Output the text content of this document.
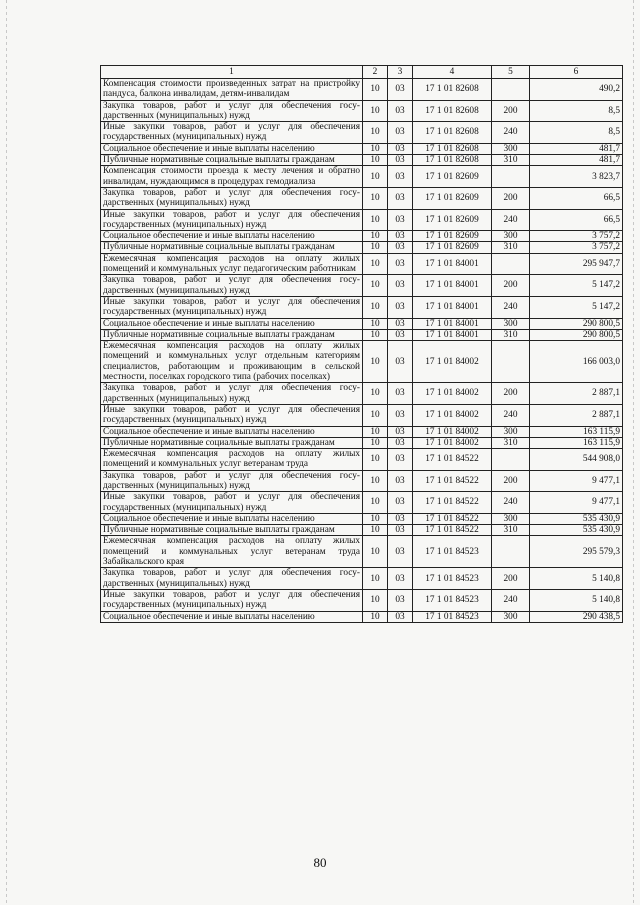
1	2	3	4	5	6
Компенсация стоимости произведенных затрат на пристройку пандуса, балкона инвалидам, детям-инвалидам	10	03	17 1 01 82608		490,2
Закупка товаров, работ и услуг для обеспечения государственных (муниципальных) нужд	10	03	17 1 01 82608	200	8,5
Иные закупки товаров, работ и услуг для обеспечения государственных (муниципальных) нужд	10	03	17 1 01 82608	240	8,5
Социальное обеспечение и иные выплаты населению	10	03	17 1 01 82608	300	481,7
Публичные нормативные социальные выплаты гражданам	10	03	17 1 01 82608	310	481,7
Компенсация стоимости проезда к месту лечения и обратно инвалидам, нуждающимся в процедурах гемодиализа	10	03	17 1 01 82609		3 823,7
Закупка товаров, работ и услуг для обеспечения государственных (муниципальных) нужд	10	03	17 1 01 82609	200	66,5
Иные закупки товаров, работ и услуг для обеспечения государственных (муниципальных) нужд	10	03	17 1 01 82609	240	66,5
Социальное обеспечение и иные выплаты населению	10	03	17 1 01 82609	300	3 757,2
Публичные нормативные социальные выплаты гражданам	10	03	17 1 01 82609	310	3 757,2
Ежемесячная компенсация расходов на оплату жилых помещений и коммунальных услуг педагогическим работникам	10	03	17 1 01 84001		295 947,7
Закупка товаров, работ и услуг для обеспечения государственных (муниципальных) нужд	10	03	17 1 01 84001	200	5 147,2
Иные закупки товаров, работ и услуг для обеспечения государственных (муниципальных) нужд	10	03	17 1 01 84001	240	5 147,2
Социальное обеспечение и иные выплаты населению	10	03	17 1 01 84001	300	290 800,5
Публичные нормативные социальные выплаты гражданам	10	03	17 1 01 84001	310	290 800,5
Ежемесячная компенсация расходов на оплату жилых помещений и коммунальных услуг отдельным категориям специалистов, работающим и проживающим в сельской местности, поселках городского типа (рабочих поселках)	10	03	17 1 01 84002		166 003,0
Закупка товаров, работ и услуг для обеспечения государственных (муниципальных) нужд	10	03	17 1 01 84002	200	2 887,1
Иные закупки товаров, работ и услуг для обеспечения государственных (муниципальных) нужд	10	03	17 1 01 84002	240	2 887,1
Социальное обеспечение и иные выплаты населению	10	03	17 1 01 84002	300	163 115,9
Публичные нормативные социальные выплаты гражданам	10	03	17 1 01 84002	310	163 115,9
Ежемесячная компенсация расходов на оплату жилых помещений и коммунальных услуг ветеранам труда	10	03	17 1 01 84522		544 908,0
Закупка товаров, работ и услуг для обеспечения государственных (муниципальных) нужд	10	03	17 1 01 84522	200	9 477,1
Иные закупки товаров, работ и услуг для обеспечения государственных (муниципальных) нужд	10	03	17 1 01 84522	240	9 477,1
Социальное обеспечение и иные выплаты населению	10	03	17 1 01 84522	300	535 430,9
Публичные нормативные социальные выплаты гражданам	10	03	17 1 01 84522	310	535 430,9
Ежемесячная компенсация расходов на оплату жилых помещений и коммунальных услуг ветеранам труда Забайкальского края	10	03	17 1 01 84523		295 579,3
Закупка товаров, работ и услуг для обеспечения государственных (муниципальных) нужд	10	03	17 1 01 84523	200	5 140,8
Иные закупки товаров, работ и услуг для обеспечения государственных (муниципальных) нужд	10	03	17 1 01 84523	240	5 140,8
Социальное обеспечение и иные выплаты населению	10	03	17 1 01 84523	300	290 438,5
80
